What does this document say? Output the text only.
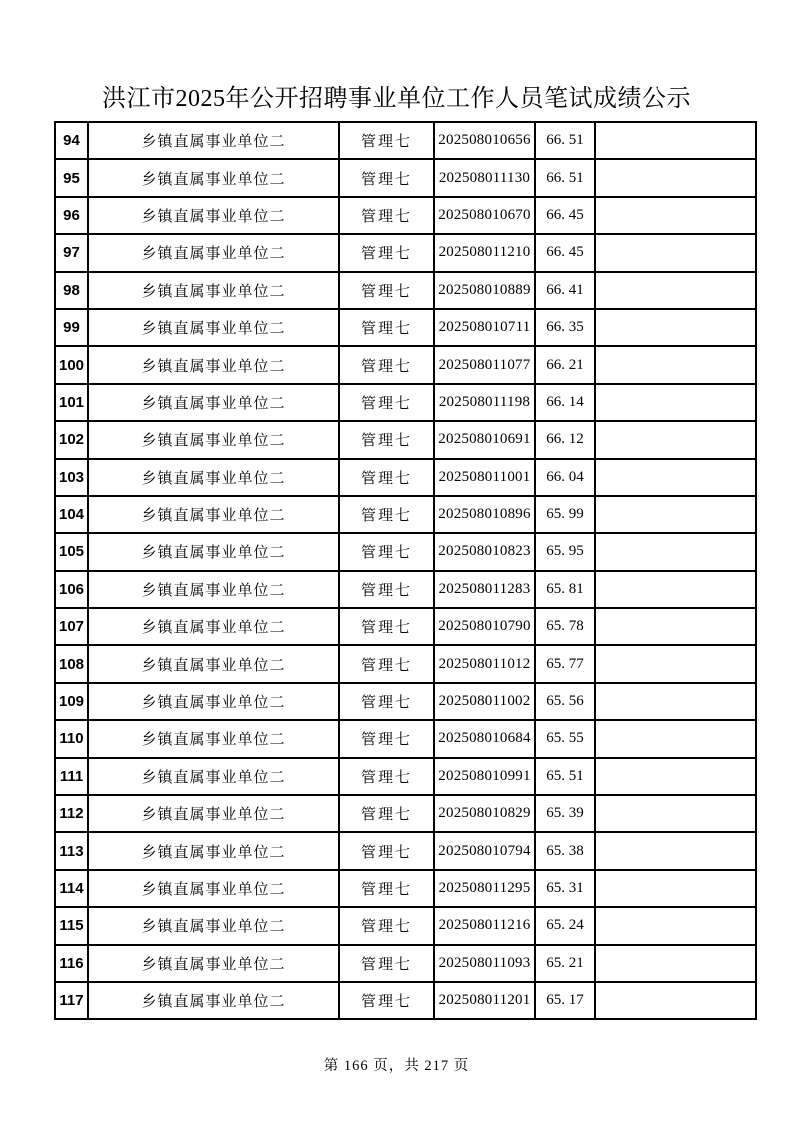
洪江市2025年公开招聘事业单位工作人员笔试成绩公示
94	乡镇直属事业单位二	管理七	202508010656	66. 51	
95	乡镇直属事业单位二	管理七	202508011130	66. 51	
96	乡镇直属事业单位二	管理七	202508010670	66. 45	
97	乡镇直属事业单位二	管理七	202508011210	66. 45	
98	乡镇直属事业单位二	管理七	202508010889	66. 41	
99	乡镇直属事业单位二	管理七	202508010711	66. 35	
100	乡镇直属事业单位二	管理七	202508011077	66. 21	
101	乡镇直属事业单位二	管理七	202508011198	66. 14	
102	乡镇直属事业单位二	管理七	202508010691	66. 12	
103	乡镇直属事业单位二	管理七	202508011001	66. 04	
104	乡镇直属事业单位二	管理七	202508010896	65. 99	
105	乡镇直属事业单位二	管理七	202508010823	65. 95	
106	乡镇直属事业单位二	管理七	202508011283	65. 81	
107	乡镇直属事业单位二	管理七	202508010790	65. 78	
108	乡镇直属事业单位二	管理七	202508011012	65. 77	
109	乡镇直属事业单位二	管理七	202508011002	65. 56	
110	乡镇直属事业单位二	管理七	202508010684	65. 55	
111	乡镇直属事业单位二	管理七	202508010991	65. 51	
112	乡镇直属事业单位二	管理七	202508010829	65. 39	
113	乡镇直属事业单位二	管理七	202508010794	65. 38	
114	乡镇直属事业单位二	管理七	202508011295	65. 31	
115	乡镇直属事业单位二	管理七	202508011216	65. 24	
116	乡镇直属事业单位二	管理七	202508011093	65. 21	
117	乡镇直属事业单位二	管理七	202508011201	65. 17	
第 166 页，共 217 页
